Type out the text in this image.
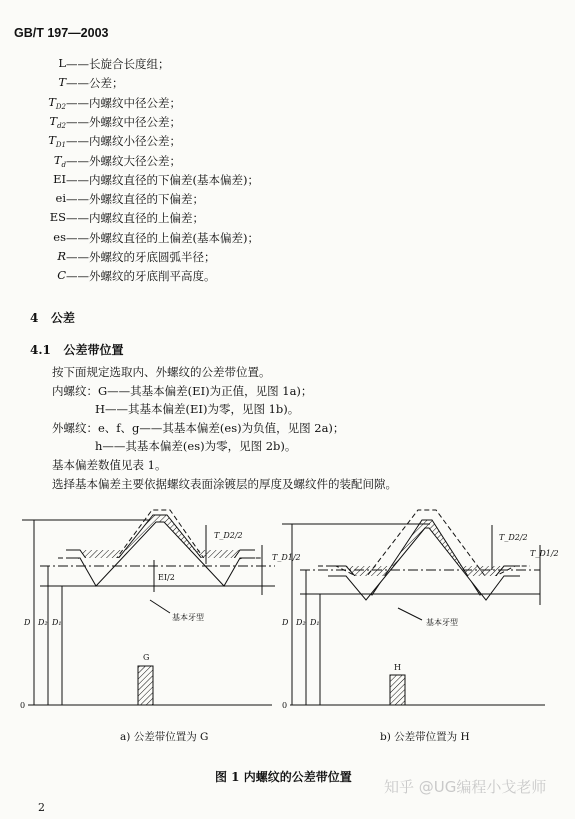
GB/T 197—2003
L ——长旋合长度组；
T ——公差；
$T_{D2}$ ——内螺纹中径公差；
$T_{d2}$ ——外螺纹中径公差；
$T_{D1}$ ——内螺纹小径公差；
$T_d$ ——外螺纹大径公差；
EI ——内螺纹直径的下偏差(基本偏差)；
ei ——外螺纹直径的下偏差；
ES ——内螺纹直径的上偏差；
es ——外螺纹直径的上偏差(基本偏差)；
R ——外螺纹的牙底圆弧半径；
C ——外螺纹的牙底削平高度。
4 公差
4.1 公差带位置
按下面规定选取内、外螺纹的公差带位置。
内螺纹：G——其基本偏差(EI)为正值，见图 1a)；
H——其基本偏差(EI)为零，见图 1b)。
外螺纹：e、f、g——其基本偏差(es)为负值，见图 2a)；
h——其基本偏差(es)为零，见图 2b)。
基本偏差数值见表 1。
选择基本偏差主要依据螺纹表面涂镀层的厚度及螺纹件的装配间隙。
D D₂ D₁
T_D2/2
T_D1/2
EI/2
基本牙型
G
0
D D₂ D₁
T_D2/2
T_D1/2
基本牙型
H
0
a) 公差带位置为 G	b) 公差带位置为 H
图 1 内螺纹的公差带位置
知乎 @UG编程小戈老师
2
